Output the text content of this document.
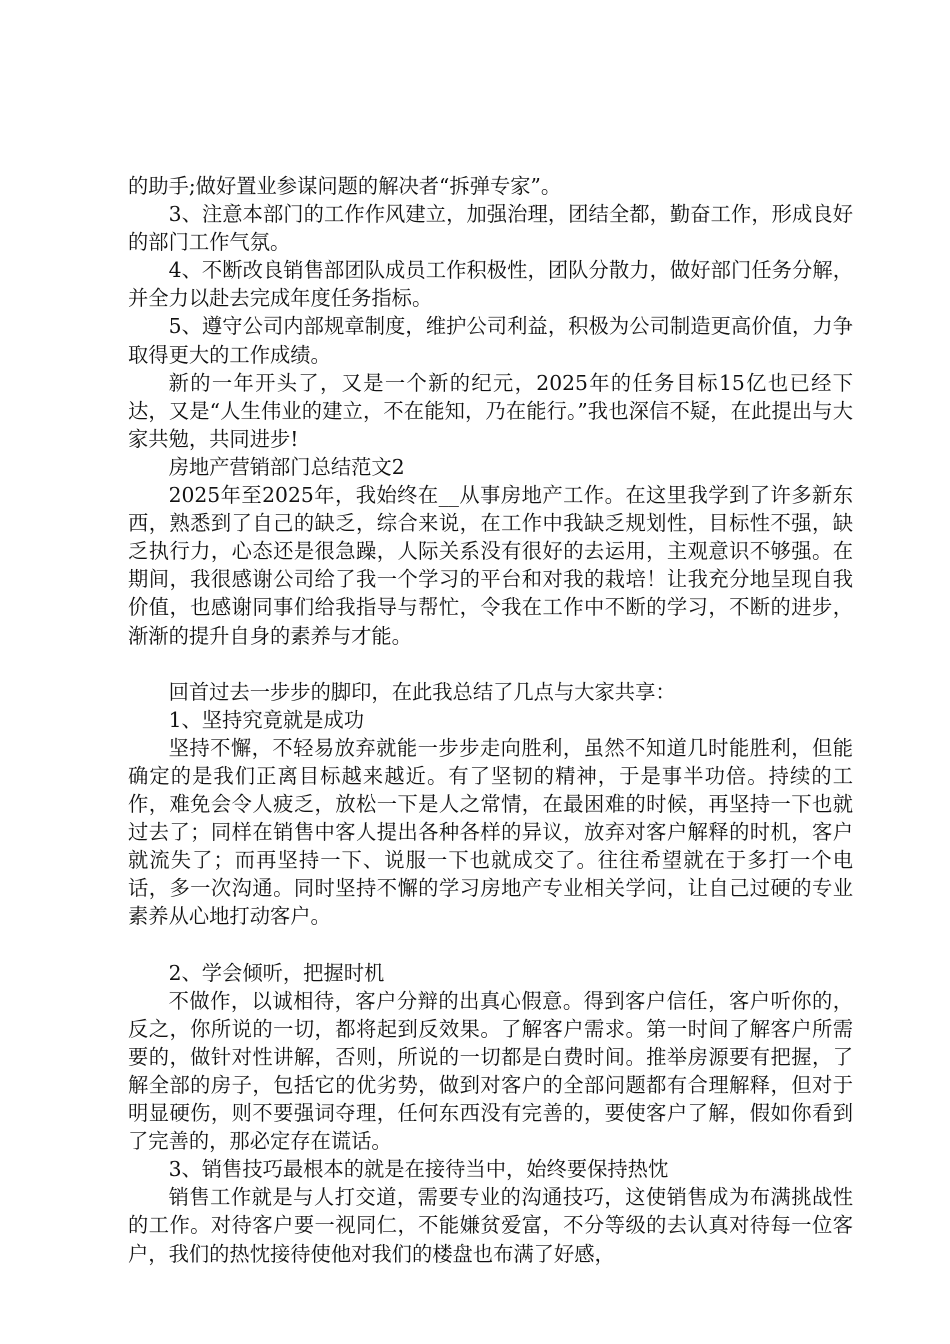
的助手;做好置业参谋问题的解决者“拆弹专家”。

3、注意本部门的工作作风建立，加强治理，团结全都，勤奋工作，形成良好的部门工作气氛。

4、不断改良销售部团队成员工作积极性，团队分散力，做好部门任务分解，并全力以赴去完成年度任务指标。

5、遵守公司内部规章制度，维护公司利益，积极为公司制造更高价值，力争取得更大的工作成绩。

新的一年开头了，又是一个新的纪元，2025年的任务目标15亿也已经下达，又是“人生伟业的建立，不在能知，乃在能行。”我也深信不疑，在此提出与大家共勉，共同进步!

房地产营销部门总结范文2

2025年至2025年，我始终在__从事房地产工作。在这里我学到了许多新东西，熟悉到了自己的缺乏，综合来说，在工作中我缺乏规划性，目标性不强，缺乏执行力，心态还是很急躁，人际关系没有很好的去运用，主观意识不够强。在期间，我很感谢公司给了我一个学习的平台和对我的栽培！让我充分地呈现自我价值，也感谢同事们给我指导与帮忙，令我在工作中不断的学习，不断的进步，渐渐的提升自身的素养与才能。

回首过去一步步的脚印，在此我总结了几点与大家共享：

1、坚持究竟就是成功

坚持不懈，不轻易放弃就能一步步走向胜利，虽然不知道几时能胜利，但能确定的是我们正离目标越来越近。有了坚韧的精神，于是事半功倍。持续的工作，难免会令人疲乏，放松一下是人之常情，在最困难的时候，再坚持一下也就过去了；同样在销售中客人提出各种各样的异议，放弃对客户解释的时机，客户就流失了；而再坚持一下、说服一下也就成交了。往往希望就在于多打一个电话，多一次沟通。同时坚持不懈的学习房地产专业相关学问，让自己过硬的专业素养从心地打动客户。

2、学会倾听，把握时机

不做作，以诚相待，客户分辩的出真心假意。得到客户信任，客户听你的，反之，你所说的一切，都将起到反效果。了解客户需求。第一时间了解客户所需要的，做针对性讲解，否则，所说的一切都是白费时间。推举房源要有把握，了解全部的房子，包括它的优劣势，做到对客户的全部问题都有合理解释，但对于明显硬伤，则不要强词夺理，任何东西没有完善的，要使客户了解，假如你看到了完善的，那必定存在谎话。

3、销售技巧最根本的就是在接待当中，始终要保持热忱

销售工作就是与人打交道，需要专业的沟通技巧，这使销售成为布满挑战性的工作。对待客户要一视同仁，不能嫌贫爱富，不分等级的去认真对待每一位客户，我们的热忱接待使他对我们的楼盘也布满了好感，
